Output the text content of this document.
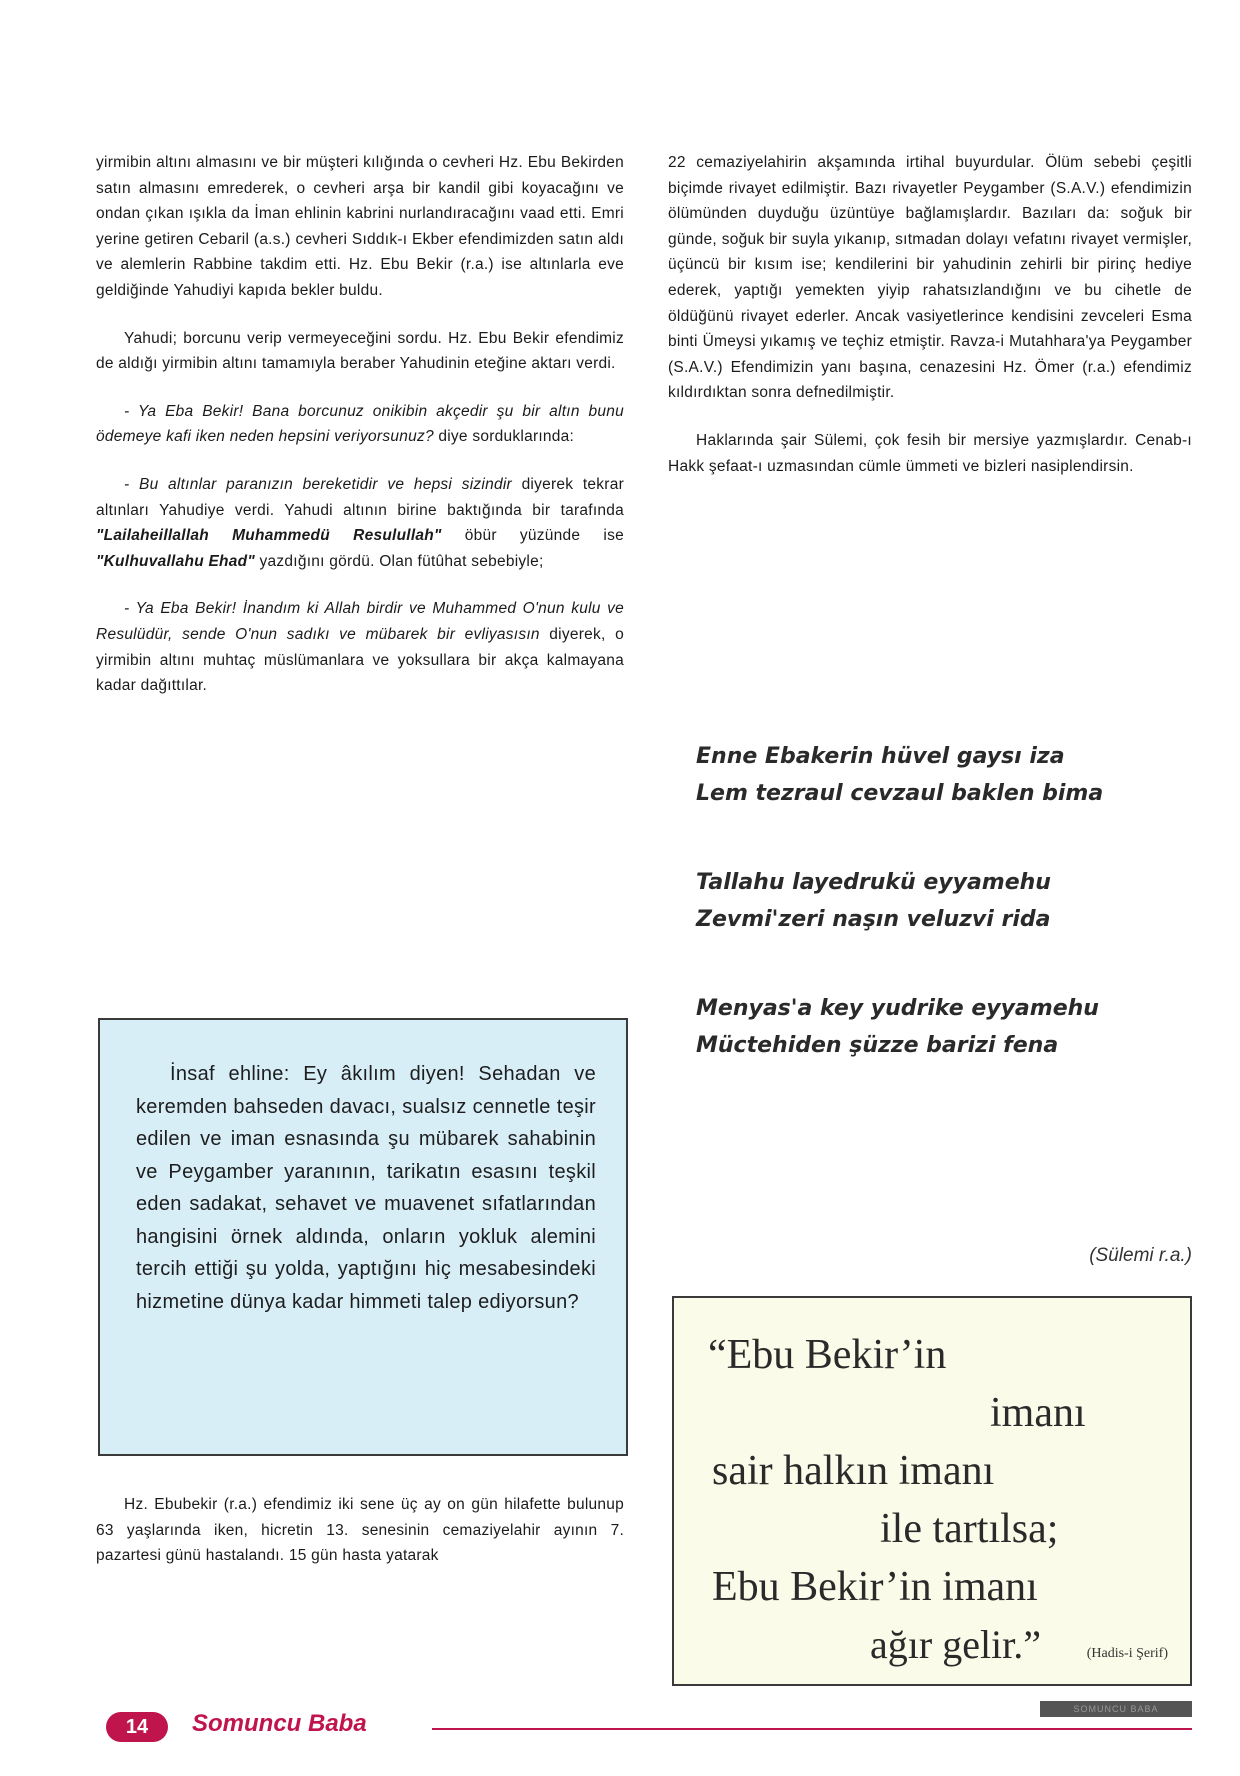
yirmibin altını almasını ve bir müşteri kılığında o cevheri Hz. Ebu Bekirden satın almasını emrederek, o cevheri arşa bir kandil gibi koyacağını ve ondan çıkan ışıkla da İman ehlinin kabrini nurlandıracağını vaad etti. Emri yerine getiren Cebaril (a.s.) cevheri Sıddık-ı Ekber efendimizden satın aldı ve alemlerin Rabbine takdim etti. Hz. Ebu Bekir (r.a.) ise altınlarla eve geldiğinde Yahudiyi kapıda bekler buldu.

Yahudi; borcunu verip vermeyeceğini sordu. Hz. Ebu Bekir efendimiz de aldığı yirmibin altını tamamıyla beraber Yahudinin eteğine aktarı verdi.

- Ya Eba Bekir! Bana borcunuz onikibin akçedir şu bir altın bunu ödemeye kafi iken neden hepsini veriyorsunuz? diye sorduklarında:

- Bu altınlar paranızın bereketidir ve hepsi sizindir diyerek tekrar altınları Yahudiye verdi. Yahudi altının birine baktığında bir tarafında "Lailaheillallah Muhammedü Resulullah" öbür yüzünde ise "Kulhuvallahu Ehad" yazdığını gördü. Olan fütûhat sebebiyle;

- Ya Eba Bekir! İnandım ki Allah birdir ve Muhammed O'nun kulu ve Resulüdür, sende O'nun sadıkı ve mübarek bir evliyasısın diyerek, o yirmibin altını muhtaç müslümanlara ve yoksullara bir akça kalmayana kadar dağıttılar.

İnsaf ehline: Ey âkılım diyen! Sehadan ve keremden bahseden davacı, sualsız cennetle teşir edilen ve iman esnasında şu mübarek sahabinin ve Peygamber yaranının, tarikatın esasını teşkil eden sadakat, sehavet ve muavenet sıfatlarından hangisini örnek aldında, onların yokluk alemini tercih ettiği şu yolda, yaptığını hiç mesabesindeki hizmetine dünya kadar himmeti talep ediyorsun?

Hz. Ebubekir (r.a.) efendimiz iki sene üç ay on gün hilafette bulunup 63 yaşlarında iken, hicretin 13. senesinin cemaziyelahir ayının 7. pazartesi günü hastalandı. 15 gün hasta yatarak

22 cemaziyelahirin akşamında irtihal buyurdular. Ölüm sebebi çeşitli biçimde rivayet edilmiştir. Bazı rivayetler Peygamber (S.A.V.) efendimizin ölümünden duyduğu üzüntüye bağlamışlardır. Bazıları da: soğuk bir günde, soğuk bir suyla yıkanıp, sıtmadan dolayı vefatını rivayet vermişler, üçüncü bir kısım ise; kendilerini bir yahudinin zehirli bir pirinç hediye ederek, yaptığı yemekten yiyip rahatsızlandığını ve bu cihetle de öldüğünü rivayet ederler. Ancak vasiyetlerince kendisini zevceleri Esma binti Ümeysi yıkamış ve teçhiz etmiştir. Ravza-i Mutahhara'ya Peygamber (S.A.V.) Efendimizin yanı başına, cenazesini Hz. Ömer (r.a.) efendimiz kıldırdıktan sonra defnedilmiştir.

Haklarında şair Sülemi, çok fesih bir mersiye yazmışlardır. Cenab-ı Hakk şefaat-ı uzmasından cümle ümmeti ve bizleri nasiplendirsin.

Enne Ebakerin hüvel gaysı iza
Lem tezraul cevzaul baklen bima
Tallahu layedrukü eyyamehu
Zevmi'zeri naşın veluzvi rida
Menyas'a key yudrike eyyamehu
Müctehiden şüzze barizi fena
(Sülemi r.a.)
“Ebu Bekir’in
imanı
sair halkın imanı
ile tartılsa;
Ebu Bekir’in imanı
ağır gelir.”	(Hadis-i Şerif)
SOMUNCU BABA
14	Somuncu Baba
